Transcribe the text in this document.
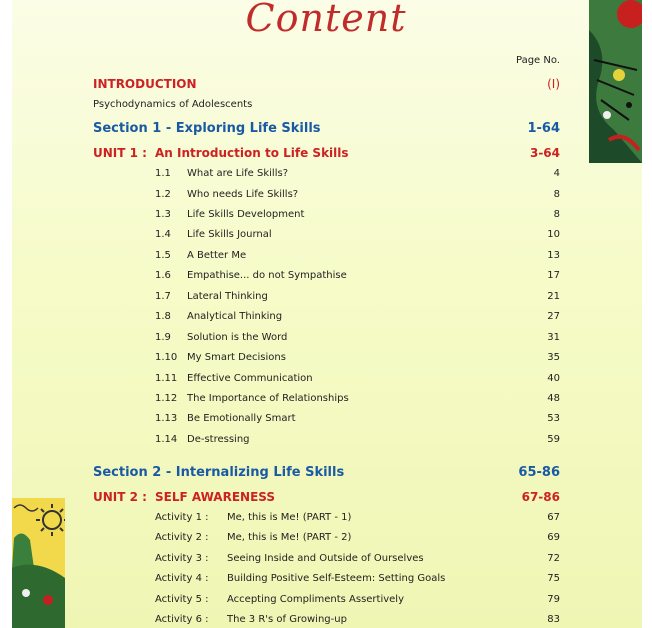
Content
Page No.
INTRODUCTION	(I)
Psychodynamics of Adolescents
Section 1 - Exploring Life Skills	1-64
UNIT 1 : An Introduction to Life Skills	3-64
1.1 What are Life Skills?	4
1.2 Who needs Life Skills?	8
1.3 Life Skills Development	8
1.4 Life Skills Journal	10
1.5 A Better Me	13
1.6 Empathise... do not Sympathise	17
1.7 Lateral Thinking	21
1.8 Analytical Thinking	27
1.9 Solution is the Word	31
1.10 My Smart Decisions	35
1.11 Effective Communication	40
1.12 The Importance of Relationships	48
1.13 Be Emotionally Smart	53
1.14 De-stressing	59
Section 2 - Internalizing Life Skills	65-86
UNIT 2 : SELF AWARENESS	67-86
Activity 1 : Me, this is Me! (PART - 1)	67
Activity 2 : Me, this is Me! (PART - 2)	69
Activity 3 : Seeing Inside and Outside of Ourselves	72
Activity 4 : Building Positive Self-Esteem: Setting Goals	75
Activity 5 : Accepting Compliments Assertively	79
Activity 6 : The 3 R's of Growing-up	83
